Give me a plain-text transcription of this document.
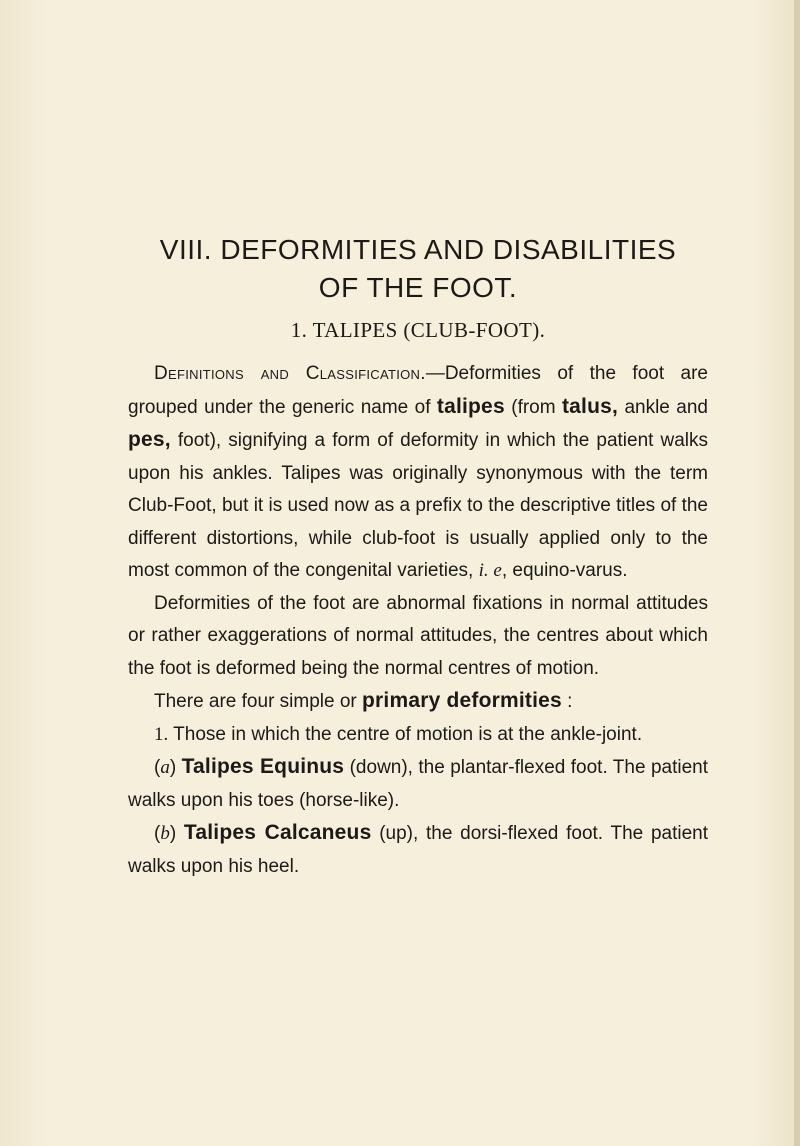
VIII. DEFORMITIES AND DISABILITIES
OF THE FOOT.
1. TALIPES (CLUB-FOOT).

Definitions and Classification.—Deformities of the foot are grouped under the generic name of talipes (from talus, ankle and pes, foot), signifying a form of deformity in which the patient walks upon his ankles. Talipes was originally synonymous with the term Club-Foot, but it is used now as a prefix to the descriptive titles of the different distortions, while club-foot is usually applied only to the most common of the congenital varieties, i. e, equino-varus.

Deformities of the foot are abnormal fixations in normal attitudes or rather exaggerations of normal attitudes, the centres about which the foot is deformed being the normal centres of motion.

There are four simple or primary deformities :

1. Those in which the centre of motion is at the ankle-joint.

(a) Talipes Equinus (down), the plantar-flexed foot. The patient walks upon his toes (horse-like).

(b) Talipes Calcaneus (up), the dorsi-flexed foot. The patient walks upon his heel.
